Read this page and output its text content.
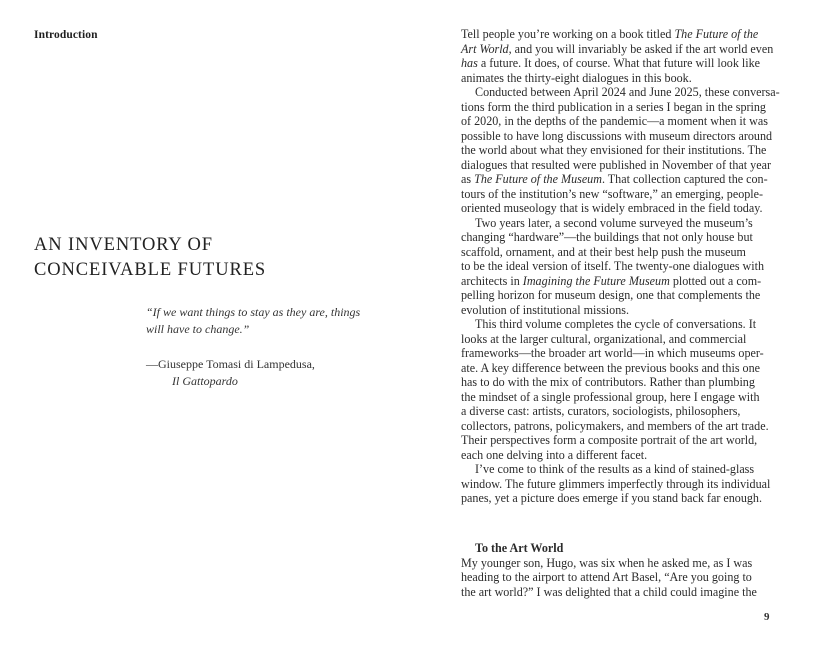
Introduction
AN INVENTORY OF
CONCEIVABLE FUTURES
“If we want things to stay as they are, things
will have to change.”
—Giuseppe Tomasi di Lampedusa,
Il Gattopardo
Tell people you’re working on a book titled The Future of the
Art World, and you will invariably be asked if the art world even
has a future. It does, of course. What that future will look like
animates the thirty-eight dialogues in this book.
Conducted between April 2024 and June 2025, these conversa-
tions form the third publication in a series I began in the spring
of 2020, in the depths of the pandemic—a moment when it was
possible to have long discussions with museum directors around
the world about what they envisioned for their institutions. The
dialogues that resulted were published in November of that year
as The Future of the Museum. That collection captured the con-
tours of the institution’s new “software,” an emerging, people-
oriented museology that is widely embraced in the field today.
Two years later, a second volume surveyed the museum’s
changing “hardware”—the buildings that not only house but
scaffold, ornament, and at their best help push the museum
to be the ideal version of itself. The twenty-one dialogues with
architects in Imagining the Future Museum plotted out a com-
pelling horizon for museum design, one that complements the
evolution of institutional missions.
This third volume completes the cycle of conversations. It
looks at the larger cultural, organizational, and commercial
frameworks—the broader art world—in which museums oper-
ate. A key difference between the previous books and this one
has to do with the mix of contributors. Rather than plumbing
the mindset of a single professional group, here I engage with
a diverse cast: artists, curators, sociologists, philosophers,
collectors, patrons, policymakers, and members of the art trade.
Their perspectives form a composite portrait of the art world,
each one delving into a different facet.
I’ve come to think of the results as a kind of stained-glass
window. The future glimmers imperfectly through its individual
panes, yet a picture does emerge if you stand back far enough.
To the Art World
My younger son, Hugo, was six when he asked me, as I was
heading to the airport to attend Art Basel, “Are you going to
the art world?” I was delighted that a child could imagine the
9
